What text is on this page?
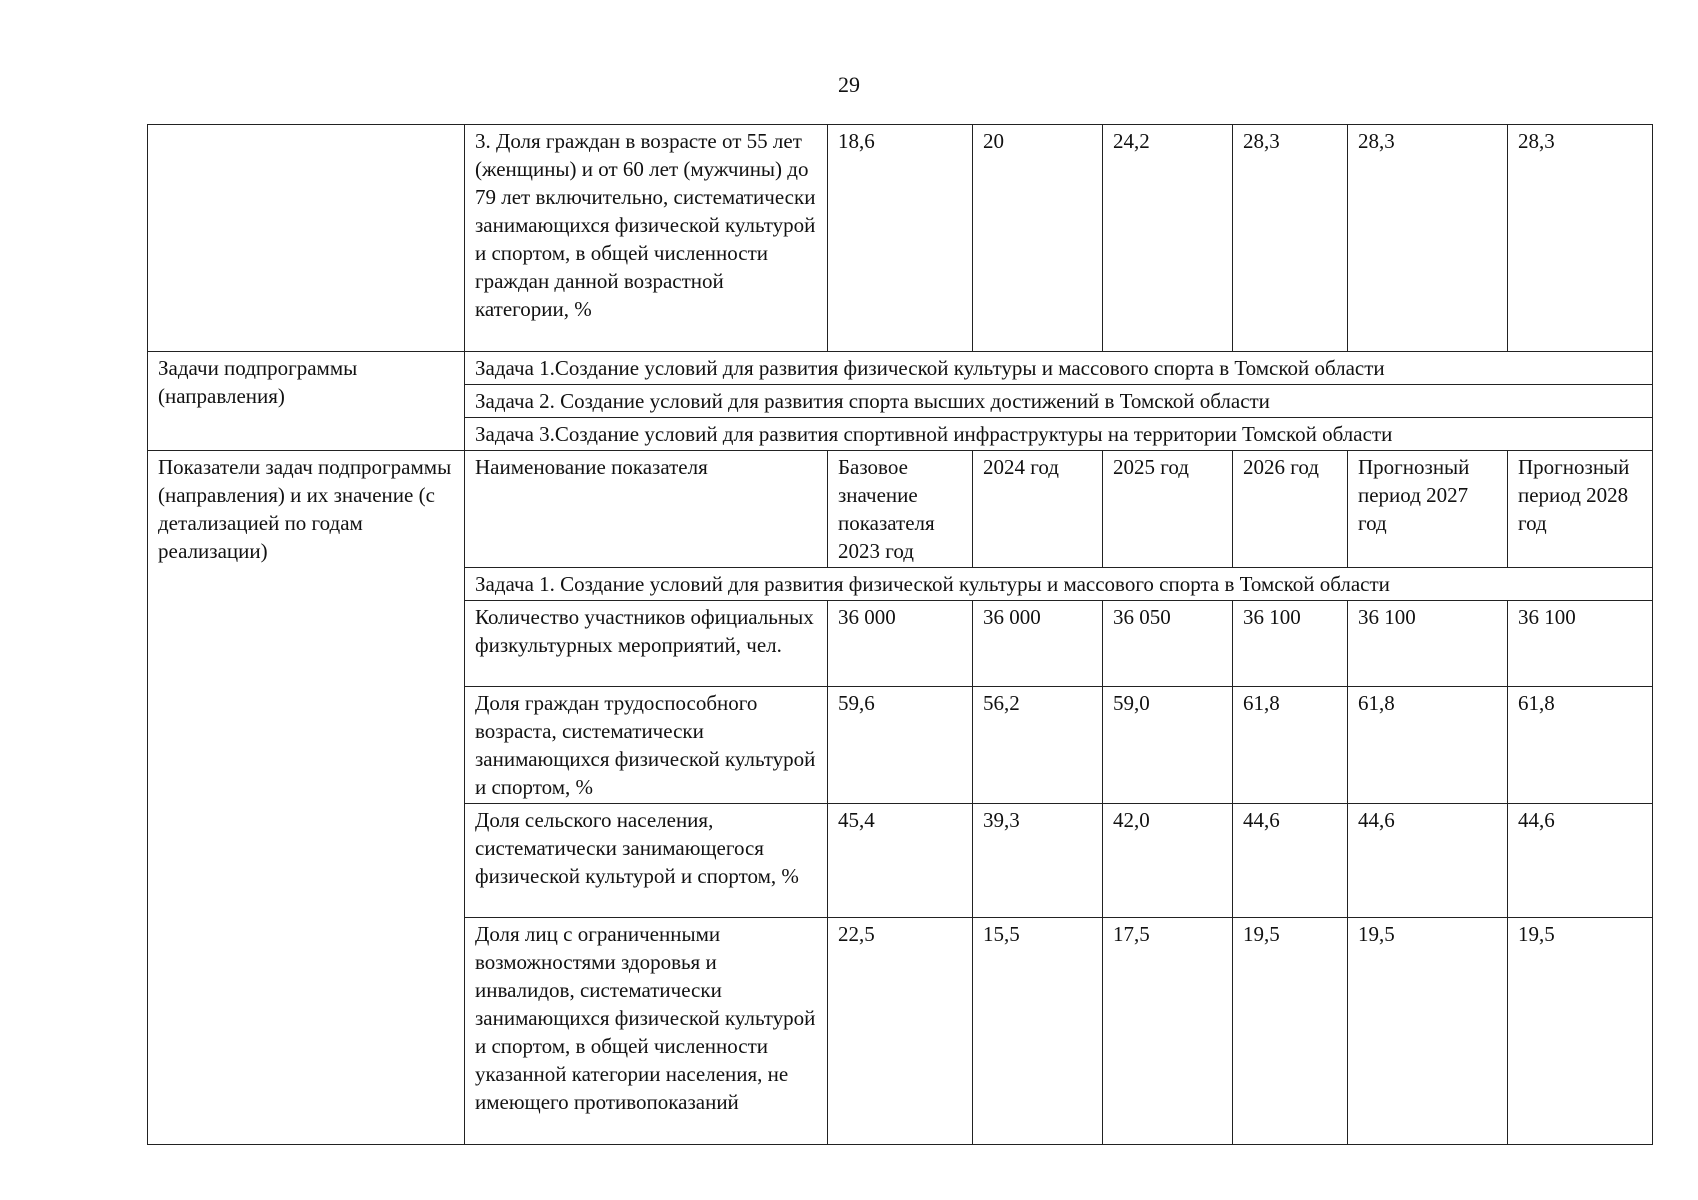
29
	3. Доля граждан в возрасте от 55 лет (женщины) и от 60 лет (мужчины) до 79 лет включительно, систематически занимающихся физической культурой и спортом, в общей численности граждан данной возрастной категории, %	18,6	20	24,2	28,3	28,3	28,3
Задачи подпрограммы (направления)	Задача 1.Создание условий для развития физической культуры и массового спорта в Томской области						
	Задача 2. Создание условий для развития спорта высших достижений в Томской области						
	Задача 3.Создание условий для развития спортивной инфраструктуры на территории Томской области						
Показатели задач подпрограммы (направления) и их значение (с детализацией по годам реализации)	Наименование показателя	Базовое значение показателя 2023 год	2024 год	2025 год	2026 год	Прогнозный период 2027 год	Прогнозный период 2028 год
	Задача 1. Создание условий для развития физической культуры и массового спорта в Томской области						
	Количество участников официальных физкультурных мероприятий, чел.	36 000	36 000	36 050	36 100	36 100	36 100
	Доля граждан трудоспособного возраста, систематически занимающихся физической культурой и спортом, %	59,6	56,2	59,0	61,8	61,8	61,8
	Доля сельского населения, систематически занимающегося физической культурой и спортом, %	45,4	39,3	42,0	44,6	44,6	44,6
	Доля лиц с ограниченными возможностями здоровья и инвалидов, систематически занимающихся физической культурой и спортом, в общей численности указанной категории населения, не имеющего противопоказаний	22,5	15,5	17,5	19,5	19,5	19,5
